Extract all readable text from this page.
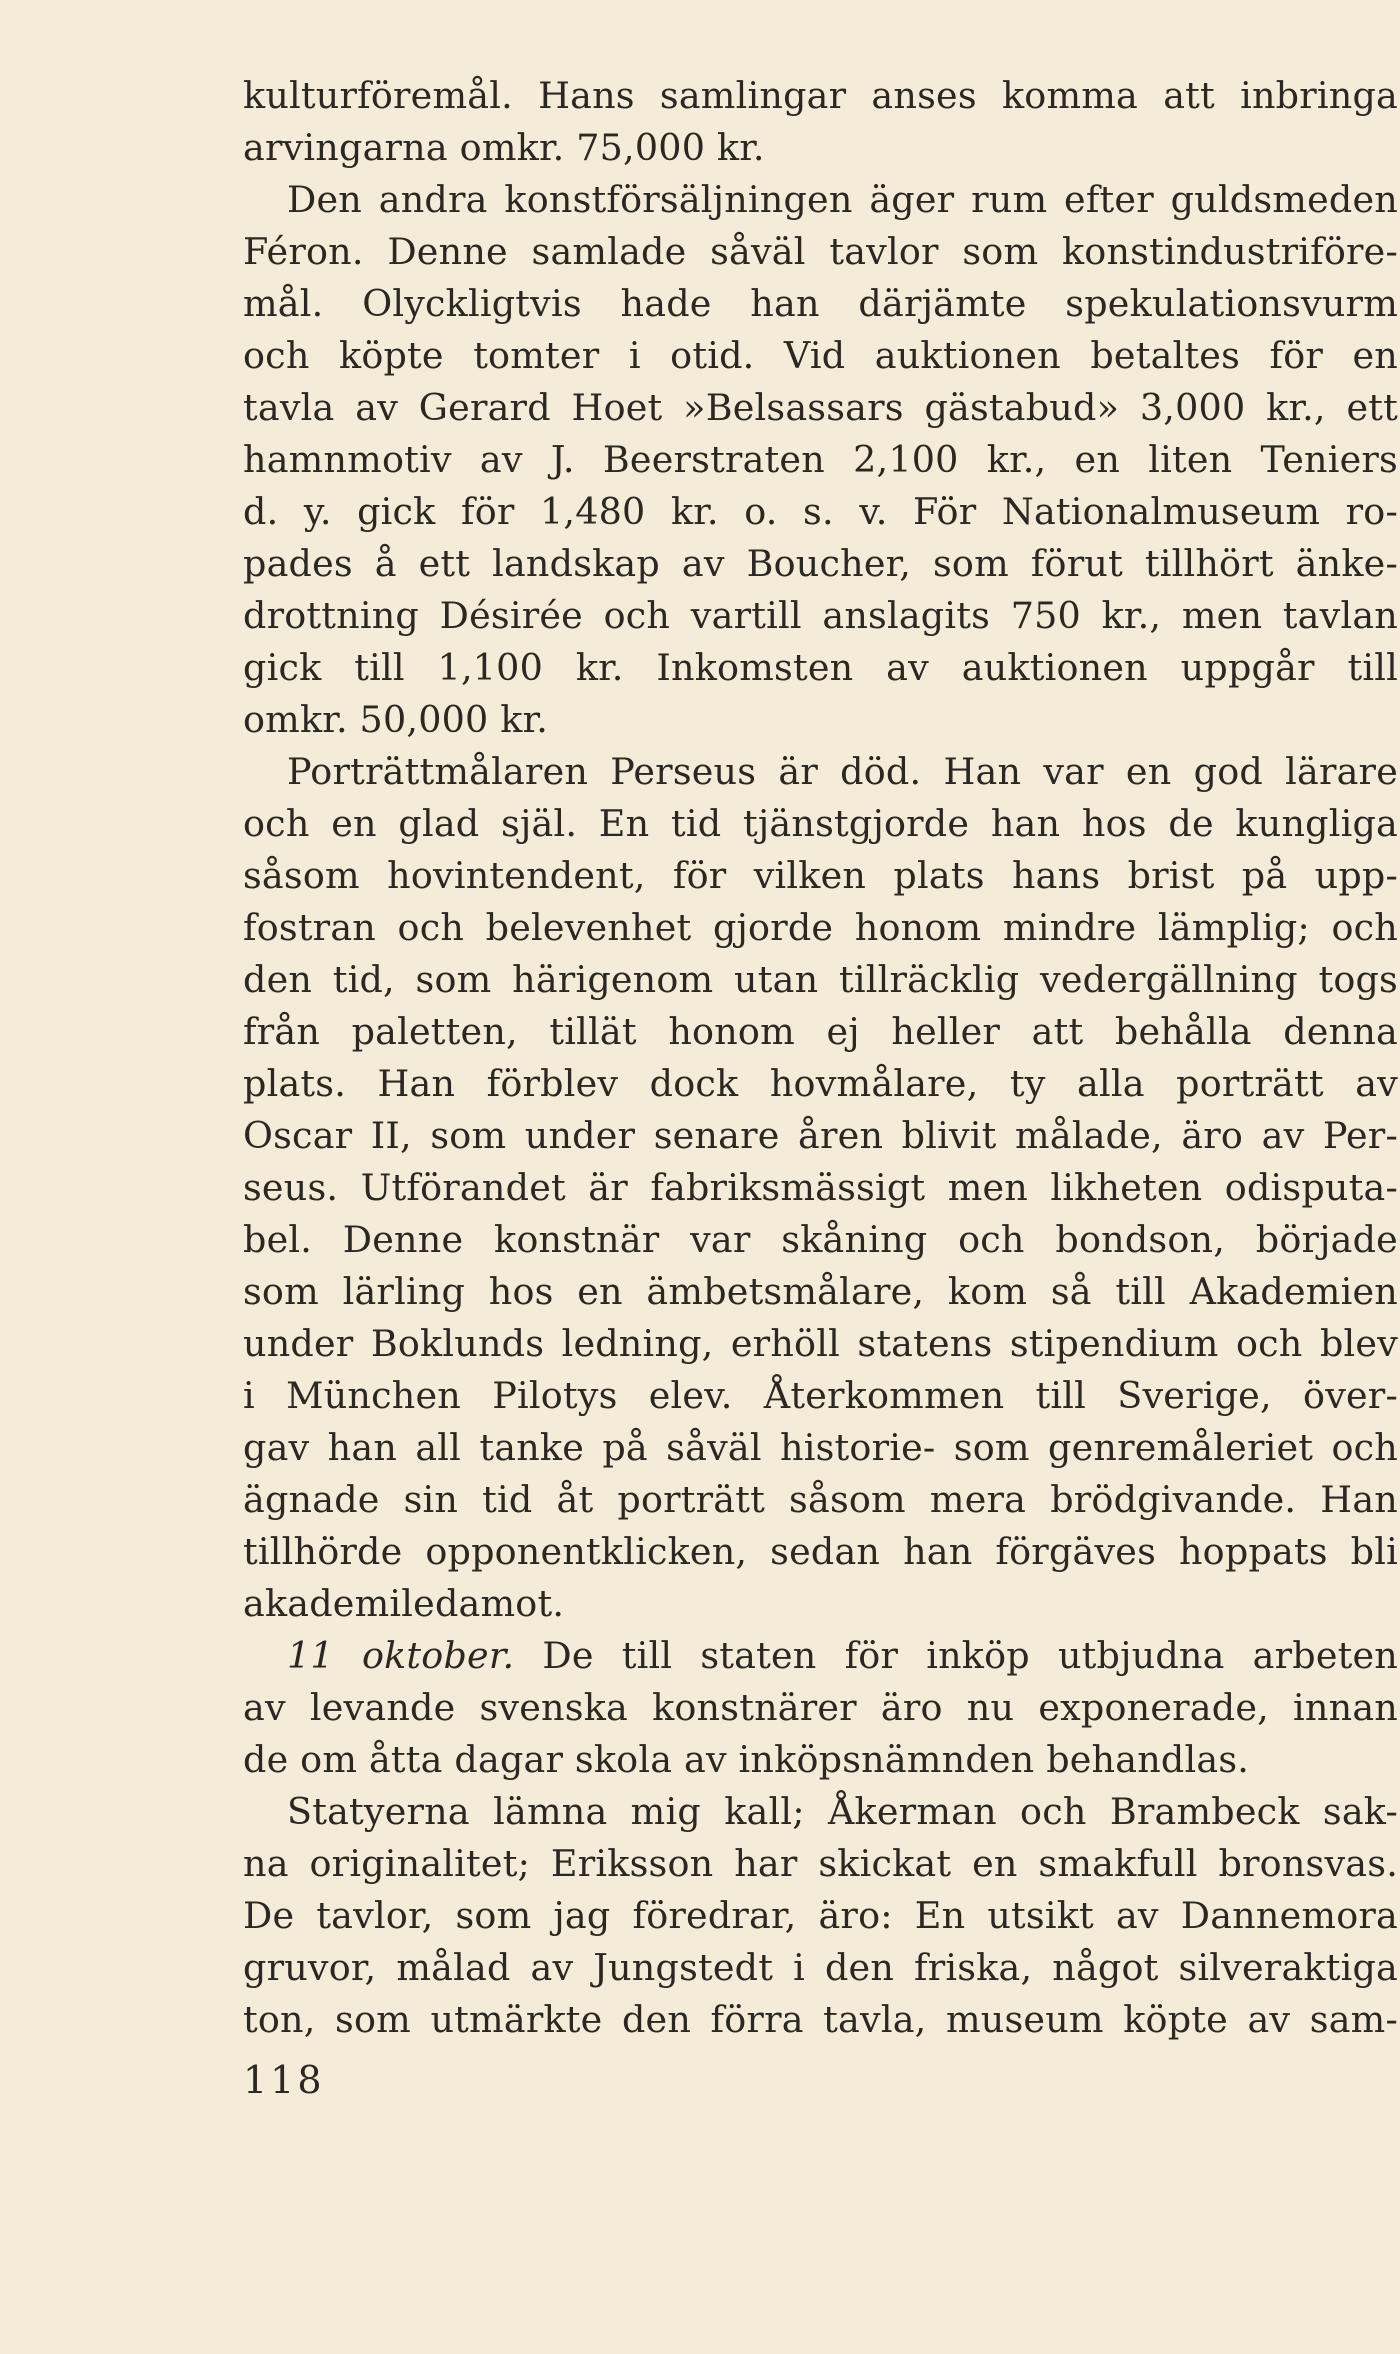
kulturföremål. Hans samlingar anses komma att inbringa
arvingarna omkr. 75,000 kr.
Den andra konstförsäljningen äger rum efter guldsmeden
Féron. Denne samlade såväl tavlor som konstindustriföre-
mål. Olyckligtvis hade han därjämte spekulationsvurm
och köpte tomter i otid. Vid auktionen betaltes för en
tavla av Gerard Hoet »Belsassars gästabud» 3,000 kr., ett
hamnmotiv av J. Beerstraten 2,100 kr., en liten Teniers
d. y. gick för 1,480 kr. o. s. v. För Nationalmuseum ro-
pades å ett landskap av Boucher, som förut tillhört änke-
drottning Désirée och vartill anslagits 750 kr., men tavlan
gick till 1,100 kr. Inkomsten av auktionen uppgår till
omkr. 50,000 kr.
Porträttmålaren Perseus är död. Han var en god lärare
och en glad själ. En tid tjänstgjorde han hos de kungliga
såsom hovintendent, för vilken plats hans brist på upp-
fostran och belevenhet gjorde honom mindre lämplig; och
den tid, som härigenom utan tillräcklig vedergällning togs
från paletten, tillät honom ej heller att behålla denna
plats. Han förblev dock hovmålare, ty alla porträtt av
Oscar II, som under senare åren blivit målade, äro av Per-
seus. Utförandet är fabriksmässigt men likheten odisputa-
bel. Denne konstnär var skåning och bondson, började
som lärling hos en ämbetsmålare, kom så till Akademien
under Boklunds ledning, erhöll statens stipendium och blev
i München Pilotys elev. Återkommen till Sverige, över-
gav han all tanke på såväl historie- som genremåleriet och
ägnade sin tid åt porträtt såsom mera brödgivande. Han
tillhörde opponentklicken, sedan han förgäves hoppats bli
akademiledamot.
11 oktober. De till staten för inköp utbjudna arbeten
av levande svenska konstnärer äro nu exponerade, innan
de om åtta dagar skola av inköpsnämnden behandlas.
Statyerna lämna mig kall; Åkerman och Brambeck sak-
na originalitet; Eriksson har skickat en smakfull bronsvas.
De tavlor, som jag föredrar, äro: En utsikt av Dannemora
gruvor, målad av Jungstedt i den friska, något silveraktiga
ton, som utmärkte den förra tavla, museum köpte av sam-
118
